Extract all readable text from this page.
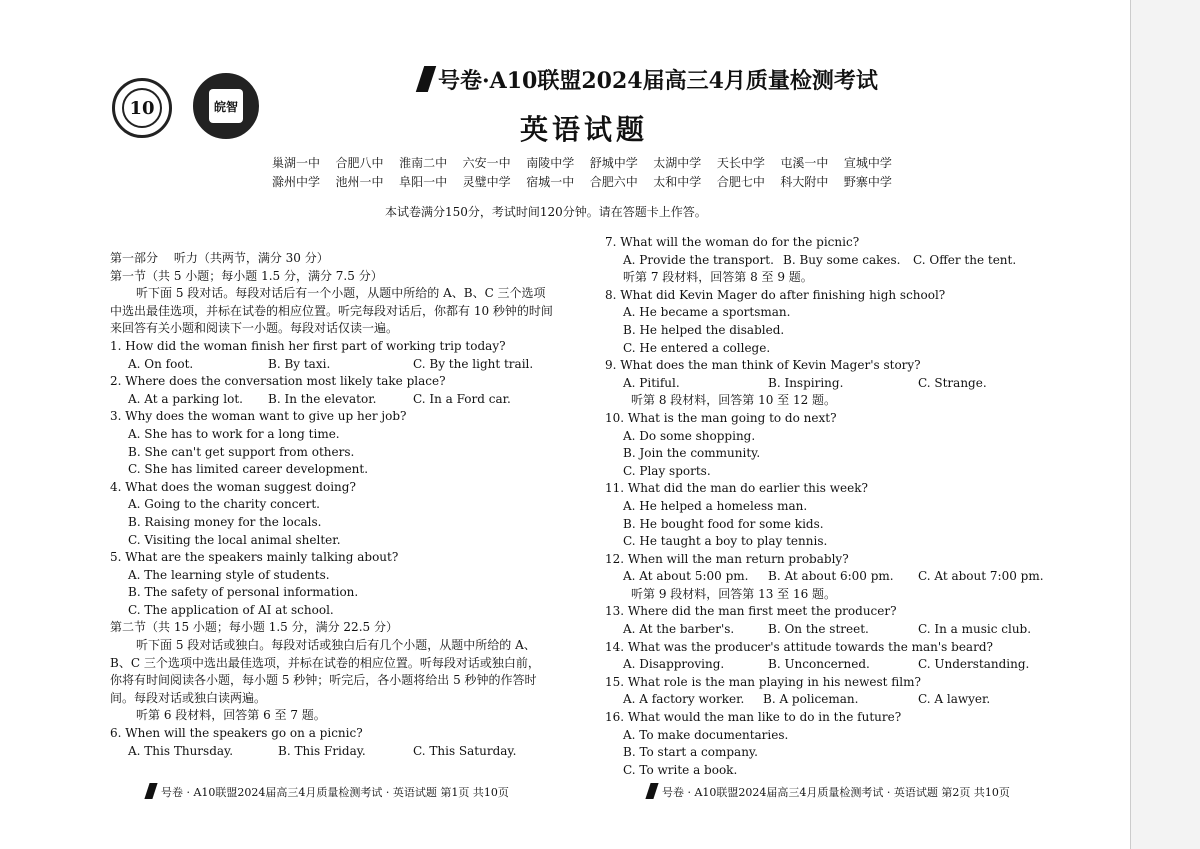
10	皖智
号卷·A10联盟2024届高三4月质量检测考试
英语试题
巢湖一中 合肥八中 淮南二中 六安一中 南陵中学 舒城中学 太湖中学 天长中学 屯溪一中 宣城中学
滁州中学 池州一中 阜阳一中 灵璧中学 宿城一中 合肥六中 太和中学 合肥七中 科大附中 野寨中学
本试卷满分150分，考试时间120分钟。请在答题卡上作答。
第一部分　 听力（共两节，满分 30 分）
第一节（共 5 小题；每小题 1.5 分，满分 7.5 分）
听下面 5 段对话。每段对话后有一个小题，从题中所给的 A、B、C 三个选项
中选出最佳选项，并标在试卷的相应位置。听完每段对话后，你都有 10 秒钟的时间
来回答有关小题和阅读下一小题。每段对话仅读一遍。
1. How did the woman finish her first part of working trip today?
A. On foot.	B. By taxi.	C. By the light trail.
2. Where does the conversation most likely take place?
A. At a parking lot.	B. In the elevator.	C. In a Ford car.
3. Why does the woman want to give up her job?
A. She has to work for a long time.
B. She can't get support from others.
C. She has limited career development.
4. What does the woman suggest doing?
A. Going to the charity concert.
B. Raising money for the locals.
C. Visiting the local animal shelter.
5. What are the speakers mainly talking about?
A. The learning style of students.
B. The safety of personal information.
C. The application of AI at school.
第二节（共 15 小题；每小题 1.5 分，满分 22.5 分）
听下面 5 段对话或独白。每段对话或独白后有几个小题，从题中所给的 A、
B、C 三个选项中选出最佳选项，并标在试卷的相应位置。听每段对话或独白前，
你将有时间阅读各小题，每小题 5 秒钟；听完后，各小题将给出 5 秒钟的作答时
间。每段对话或独白读两遍。
听第 6 段材料，回答第 6 至 7 题。
6. When will the speakers go on a picnic?
A. This Thursday.	B. This Friday.	C. This Saturday.
7. What will the woman do for the picnic?
A. Provide the transport. B. Buy some cakes.	C. Offer the tent.
听第 7 段材料，回答第 8 至 9 题。
8. What did Kevin Mager do after finishing high school?
A. He became a sportsman.
B. He helped the disabled.
C. He entered a college.
9. What does the man think of Kevin Mager's story?
A. Pitiful.	B. Inspiring.	C. Strange.
听第 8 段材料，回答第 10 至 12 题。
10. What is the man going to do next?
A. Do some shopping.
B. Join the community.
C. Play sports.
11. What did the man do earlier this week?
A. He helped a homeless man.
B. He bought food for some kids.
C. He taught a boy to play tennis.
12. When will the man return probably?
A. At about 5:00 pm.	B. At about 6:00 pm.	C. At about 7:00 pm.
听第 9 段材料，回答第 13 至 16 题。
13. Where did the man first meet the producer?
A. At the barber's.	B. On the street.	C. In a music club.
14. What was the producer's attitude towards the man's beard?
A. Disapproving.	B. Unconcerned.	C. Understanding.
15. What role is the man playing in his newest film?
A. A factory worker.	B. A policeman.	C. A lawyer.
16. What would the man like to do in the future?
A. To make documentaries.
B. To start a company.
C. To write a book.
号卷 · A10联盟2024届高三4月质量检测考试 · 英语试题 第1页 共10页	号卷 · A10联盟2024届高三4月质量检测考试 · 英语试题 第2页 共10页
